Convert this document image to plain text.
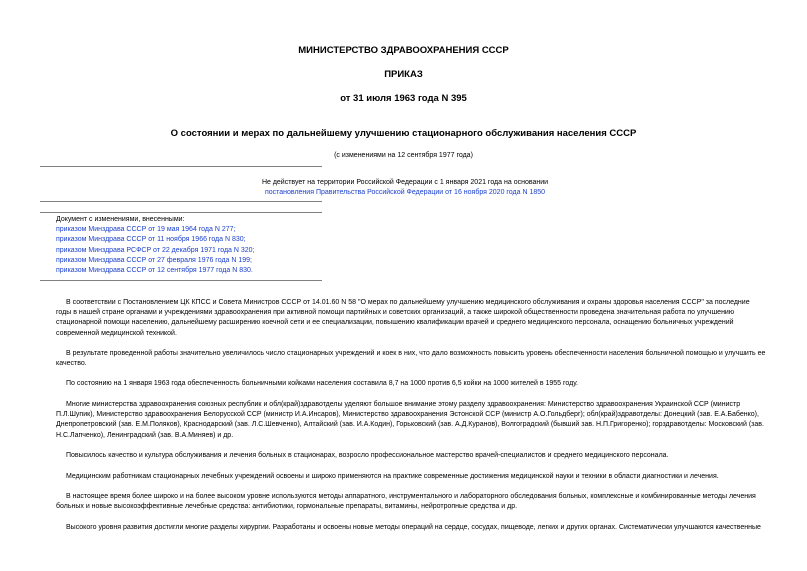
МИНИСТЕРСТВО ЗДРАВООХРАНЕНИЯ СССР
ПРИКАЗ
от 31 июля 1963 года N 395
О состоянии и мерах по дальнейшему улучшению стационарного обслуживания населения СССР
(с изменениями на 12 сентября 1977 года)
Не действует на территории Российской Федерации с 1 января 2021 года на основании
постановления Правительства Российской Федерации от 16 ноября 2020 года N 1850
Документ с изменениями, внесенными:
приказом Минздрава СССР от 19 мая 1964 года N 277;
приказом Минздрава СССР от 11 ноября 1966 года N 830;
приказом Минздрава РСФСР от 22 декабря 1971 года N 320;
приказом Минздрава СССР от 27 февраля 1976 года N 199;
приказом Минздрава СССР от 12 сентября 1977 года N 830.
В соответствии с Постановлением ЦК КПСС и Совета Министров СССР от 14.01.60 N 58 "О мерах по дальнейшему улучшению медицинского обслуживания и охраны здоровья населения СССР" за последние
годы в нашей стране органами и учреждениями здравоохранения при активной помощи партийных и советских организаций, а также широкой общественности проведена значительная работа по улучшению
стационарной помощи населению, дальнейшему расширению коечной сети и ее специализации, повышению квалификации врачей и среднего медицинского персонала, оснащению больничных учреждений
современной медицинской техникой.
В результате проведенной работы значительно увеличилось число стационарных учреждений и коек в них, что дало возможность повысить уровень обеспеченности населения больничной помощью и улучшить ее
качество.
По состоянию на 1 января 1963 года обеспеченность больничными койками населения составила 8,7 на 1000 против 6,5 койки на 1000 жителей в 1955 году.
Многие министерства здравоохранения союзных республик и обл(край)здравотделы уделяют большое внимание этому разделу здравоохранения: Министерство здравоохранения Украинской ССР (министр
П.Л.Шупик), Министерство здравоохранения Белорусской ССР (министр И.А.Инсаров), Министерство здравоохранения Эстонской ССР (министр А.О.Гольдберг); обл(край)здравотделы: Донецкий (зав. Е.А.Бабенко),
Днепропетровский (зав. Е.М.Поляков), Краснодарский (зав. Л.С.Шевченко), Алтайский (зав. И.А.Кодин), Горьковский (зав. А.Д.Куранов), Волгоградский (бывший зав. Н.П.Григоренко); горздравотделы: Московский (зав.
Н.С.Лапченко), Ленинградский (зав. В.А.Миняев) и др.
Повысилось качество и культура обслуживания и лечения больных в стационарах, возросло профессиональное мастерство врачей-специалистов и среднего медицинского персонала.
Медицинским работникам стационарных лечебных учреждений освоены и широко применяются на практике современные достижения медицинской науки и техники в области диагностики и лечения.
В настоящее время более широко и на более высоком уровне используются методы аппаратного, инструментального и лабораторного обследования больных, комплексные и комбинированные методы лечения
больных и новые высокоэффективные лечебные средства: антибиотики, гормональные препараты, витамины, нейротропные средства и др.
Высокого уровня развития достигли многие разделы хирургии. Разработаны и освоены новые методы операций на сердце, сосудах, пищеводе, легких и других органах. Систематически улучшаются качественные
